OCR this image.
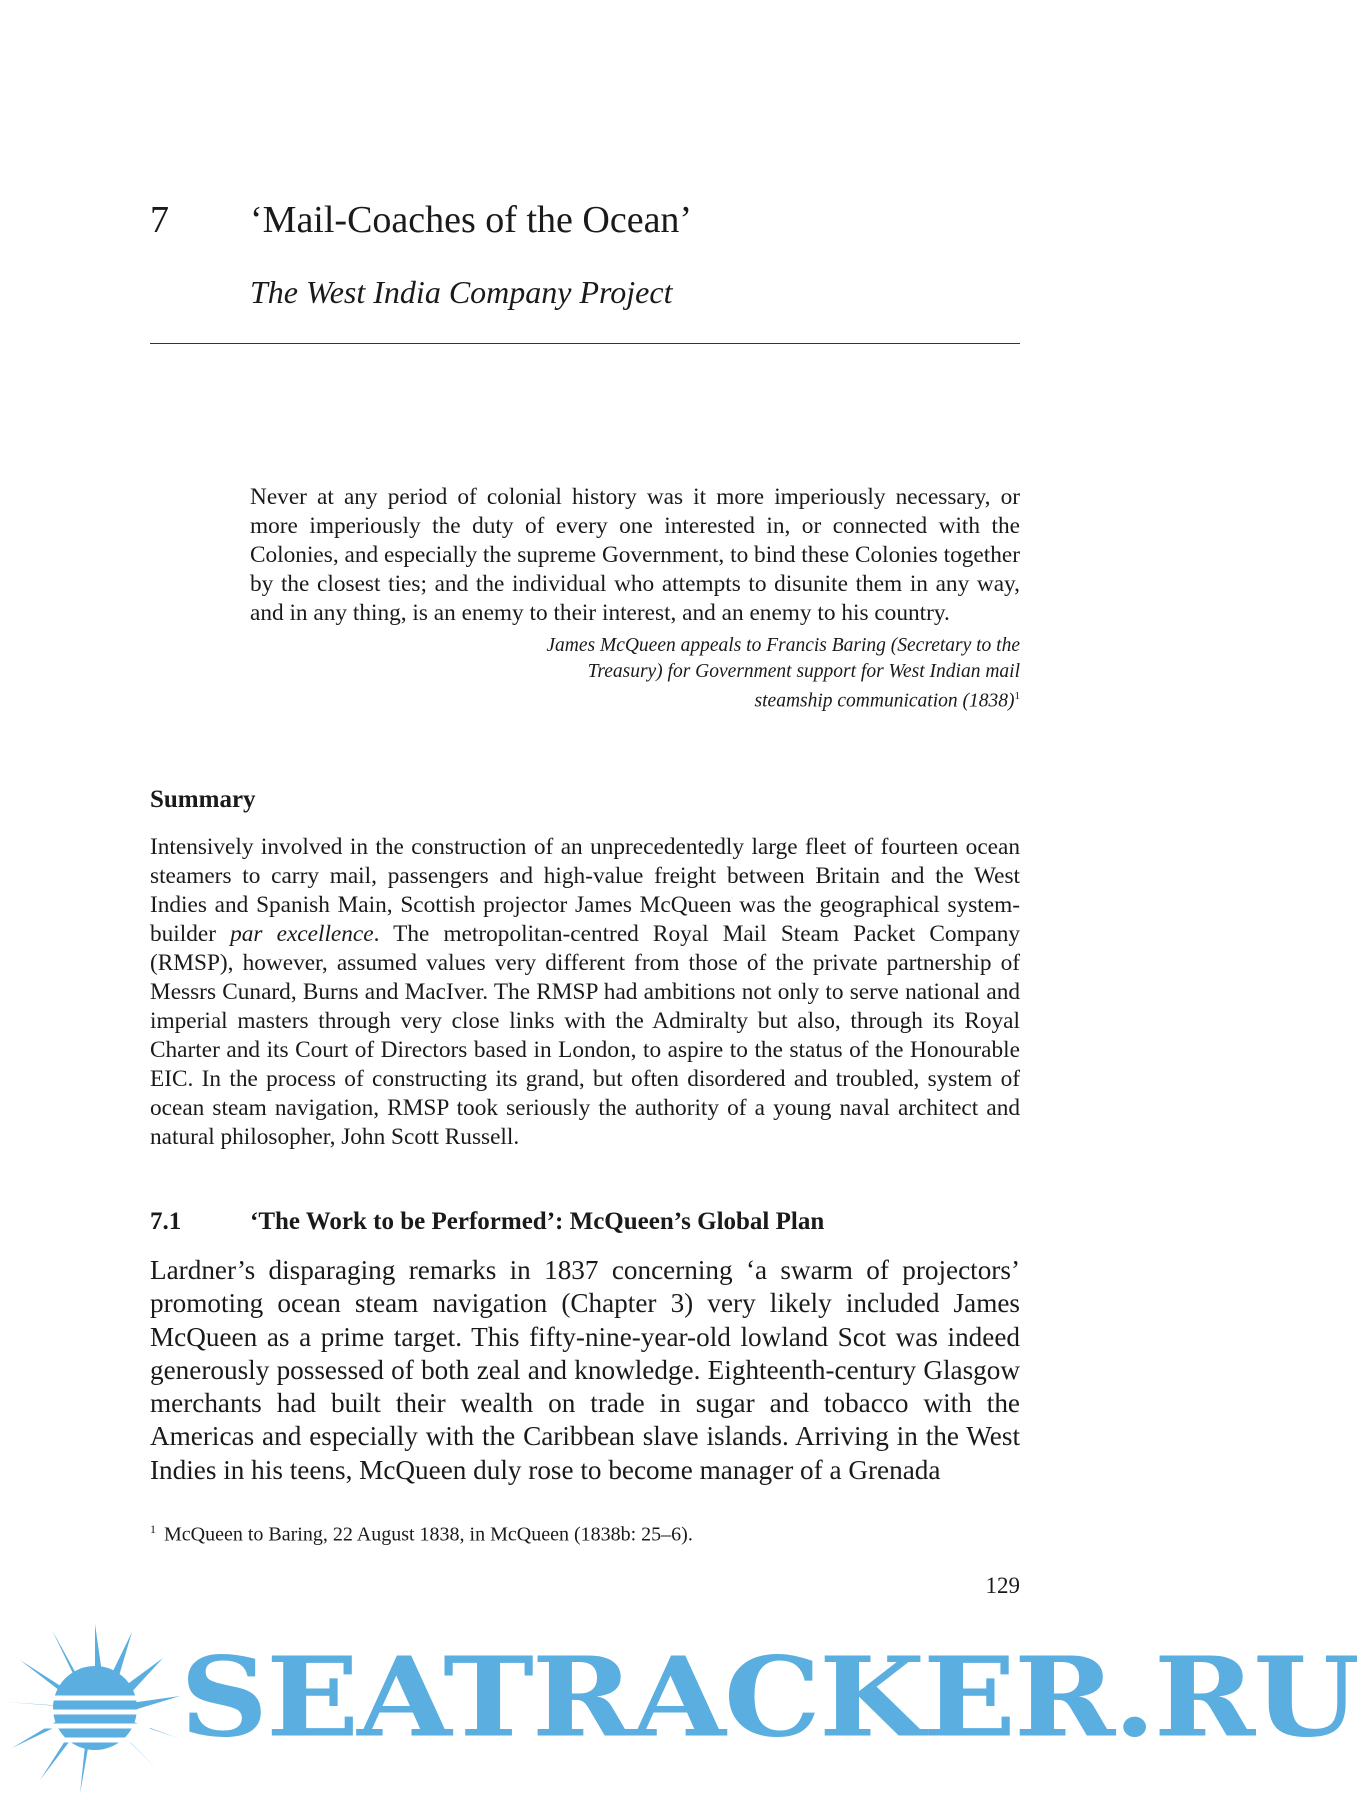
7 ‘Mail-Coaches of the Ocean’
The West India Company Project

Never at any period of colonial history was it more imperiously necessary, or more imperiously the duty of every one interested in, or connected with the Colonies, and especially the supreme Government, to bind these Colonies together by the closest ties; and the individual who attempts to disunite them in any way, and in any thing, is an enemy to their interest, and an enemy to his country.

James McQueen appeals to Francis Baring (Secretary to the
Treasury) for Government support for West Indian mail
steamship communication $(1838)^1$
Summary

Intensively involved in the construction of an unprecedentedly large fleet of fourteen ocean steamers to carry mail, passengers and high-value freight between Britain and the West Indies and Spanish Main, Scottish projector James McQueen was the geographical system-builder par excellence. The metropolitan-centred Royal Mail Steam Packet Company (RMSP), however, assumed values very different from those of the private partnership of Messrs Cunard, Burns and MacIver. The RMSP had ambitions not only to serve national and imperial masters through very close links with the Admiralty but also, through its Royal Charter and its Court of Directors based in London, to aspire to the status of the Honourable EIC. In the process of constructing its grand, but often disordered and troubled, system of ocean steam navigation, RMSP took seriously the authority of a young naval architect and natural philosopher, John Scott Russell.

7.1	‘The Work to be Performed’: McQueen’s Global Plan

Lardner’s disparaging remarks in 1837 concerning ‘a swarm of projectors’ promoting ocean steam navigation (Chapter 3) very likely included James McQueen as a prime target. This fifty-nine-year-old lowland Scot was indeed generously possessed of both zeal and knowledge. Eighteenth-century Glasgow merchants had built their wealth on trade in sugar and tobacco with the Americas and especially with the Caribbean slave islands. Arriving in the West Indies in his teens, McQueen duly rose to become manager of a Grenada

$^1$ McQueen to Baring, 22 August 1838, in McQueen (1838b: 25–6).
129
SEATRACKER.RU
